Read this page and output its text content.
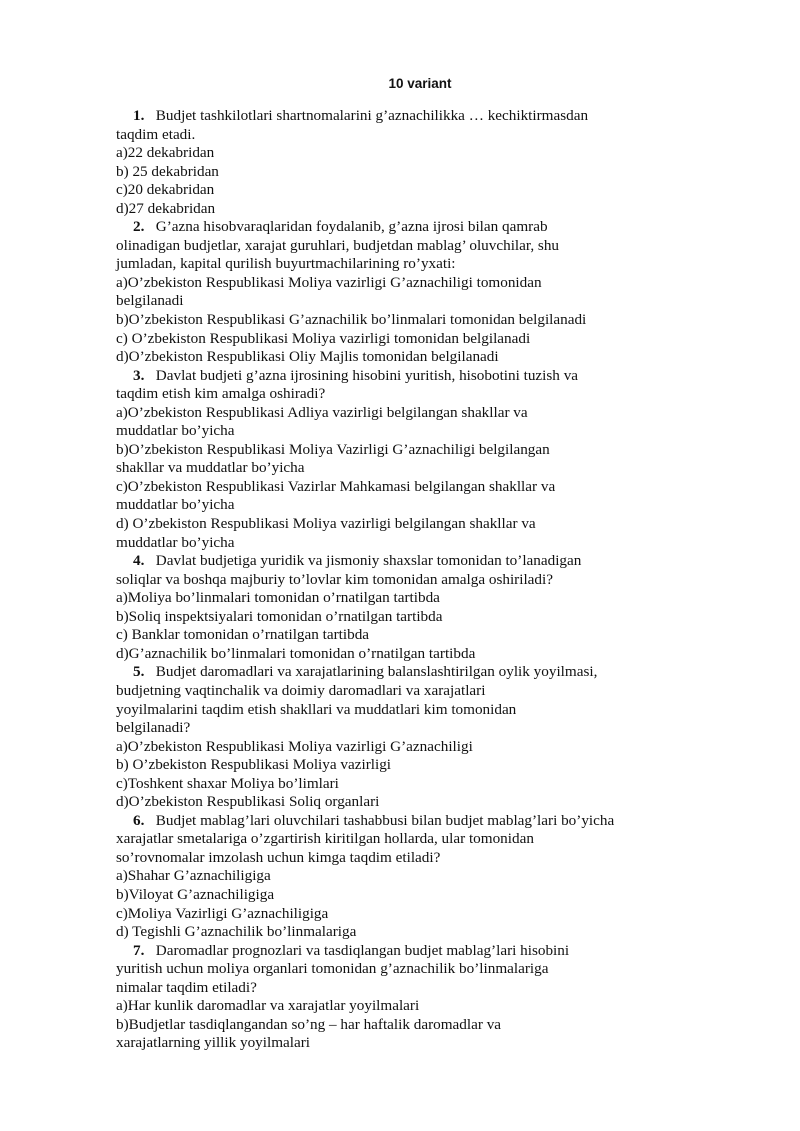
10 variant
1. Budjet tashkilotlari shartnomalarini g’aznachilikka … kechiktirmasdan
taqdim etadi.
a)22 dekabridan
b) 25 dekabridan
c)20 dekabridan
d)27 dekabridan
2. G’azna hisobvaraqlaridan foydalanib, g’azna ijrosi bilan qamrab
olinadigan budjetlar, xarajat guruhlari, budjetdan mablag’ oluvchilar, shu
jumladan, kapital qurilish buyurtmachilarining ro’yxati:
a)O’zbekiston Respublikasi Moliya vazirligi G’aznachiligi tomonidan
belgilanadi
b)O’zbekiston Respublikasi G’aznachilik bo’linmalari tomonidan belgilanadi
c) O’zbekiston Respublikasi Moliya vazirligi tomonidan belgilanadi
d)O’zbekiston Respublikasi Oliy Majlis tomonidan belgilanadi
3. Davlat budjeti g’azna ijrosining hisobini yuritish, hisobotini tuzish va
taqdim etish kim amalga oshiradi?
a)O’zbekiston Respublikasi Adliya vazirligi belgilangan shakllar va
muddatlar bo’yicha
b)O’zbekiston Respublikasi Moliya Vazirligi G’aznachiligi belgilangan
shakllar va muddatlar bo’yicha
c)O’zbekiston Respublikasi Vazirlar Mahkamasi belgilangan shakllar va
muddatlar bo’yicha
d) O’zbekiston Respublikasi Moliya vazirligi belgilangan shakllar va
muddatlar bo’yicha
4. Davlat budjetiga yuridik va jismoniy shaxslar tomonidan to’lanadigan
soliqlar va boshqa majburiy to’lovlar kim tomonidan amalga oshiriladi?
a)Moliya bo’linmalari tomonidan o’rnatilgan tartibda
b)Soliq inspektsiyalari tomonidan o’rnatilgan tartibda
c) Banklar tomonidan o’rnatilgan tartibda
d)G’aznachilik bo’linmalari tomonidan o’rnatilgan tartibda
5. Budjet daromadlari va xarajatlarining balanslashtirilgan oylik yoyilmasi,
budjetning vaqtinchalik va doimiy daromadlari va xarajatlari
yoyilmalarini taqdim etish shakllari va muddatlari kim tomonidan
belgilanadi?
a)O’zbekiston Respublikasi Moliya vazirligi G’aznachiligi
b) O’zbekiston Respublikasi Moliya vazirligi
c)Toshkent shaxar Moliya bo’limlari
d)O’zbekiston Respublikasi Soliq organlari
6. Budjet mablag’lari oluvchilari tashabbusi bilan budjet mablag’lari bo’yicha
xarajatlar smetalariga o’zgartirish kiritilgan hollarda, ular tomonidan
so’rovnomalar imzolash uchun kimga taqdim etiladi?
a)Shahar G’aznachiligiga
b)Viloyat G’aznachiligiga
c)Moliya Vazirligi G’aznachiligiga
d) Tegishli G’aznachilik bo’linmalariga
7. Daromadlar prognozlari va tasdiqlangan budjet mablag’lari hisobini
yuritish uchun moliya organlari tomonidan g’aznachilik bo’linmalariga
nimalar taqdim etiladi?
a)Har kunlik daromadlar va xarajatlar yoyilmalari
b)Budjetlar tasdiqlangandan so’ng – har haftalik daromadlar va
xarajatlarning yillik yoyilmalari
